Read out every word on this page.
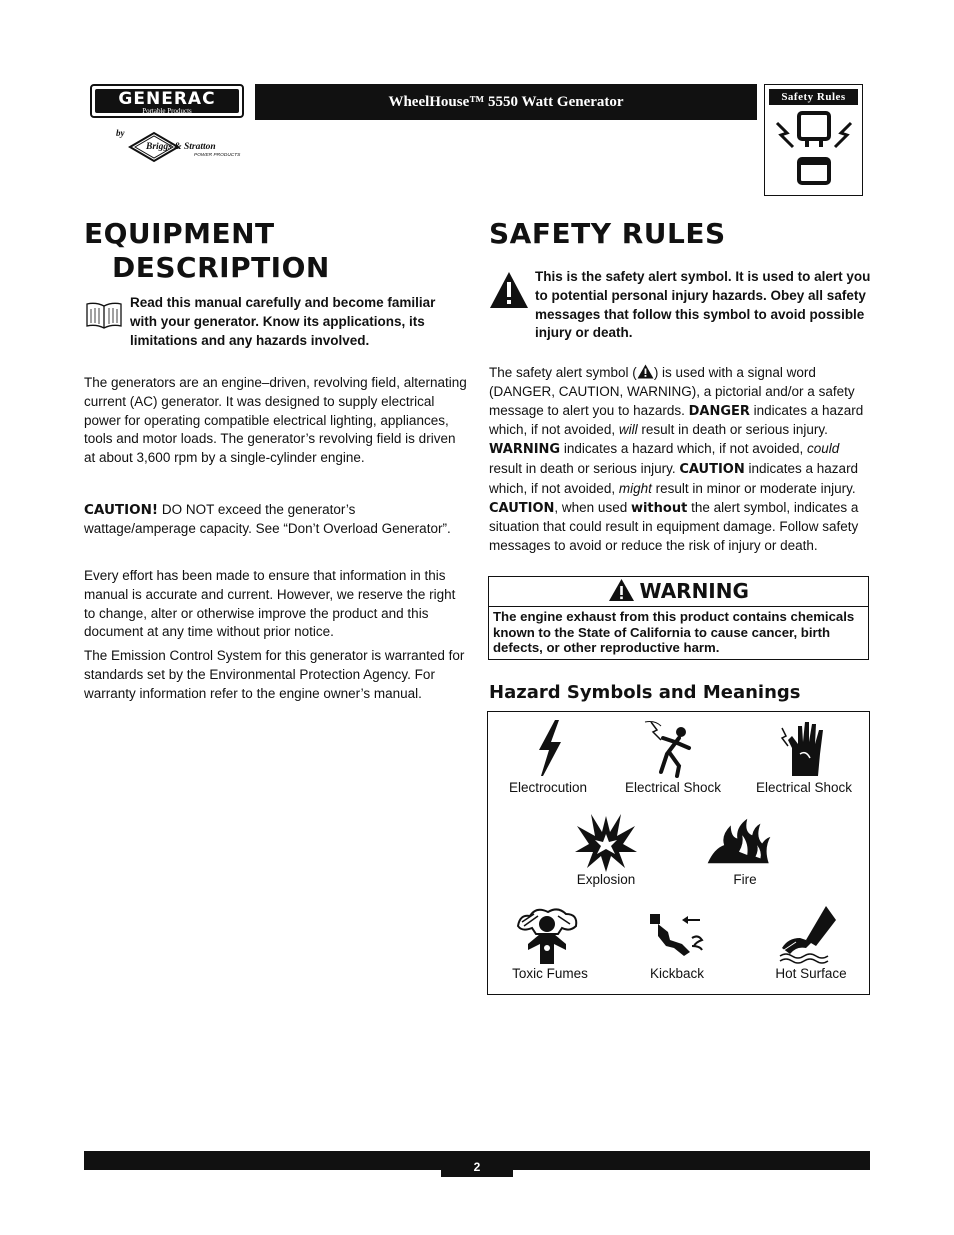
GENERAC
Portable Products
by
Briggs & Stratton
POWER PRODUCTS
WheelHouse™ 5550 Watt Generator	Safety Rules
EQUIPMENT
DESCRIPTION
Read this manual carefully and become familiar with your generator. Know its applications, its limitations and any hazards involved.
The generators are an engine–driven, revolving field, alternating current (AC) generator. It was designed to supply electrical power for operating compatible electrical lighting, appliances, tools and motor loads. The generator’s revolving field is driven at about 3,600 rpm by a single-cylinder engine.
CAUTION! DO NOT exceed the generator’s wattage/amperage capacity. See “Don’t Overload Generator”.
Every effort has been made to ensure that information in this manual is accurate and current. However, we reserve the right to change, alter or otherwise improve the product and this document at any time without prior notice.
The Emission Control System for this generator is warranted for standards set by the Environmental Protection Agency. For warranty information refer to the engine owner’s manual.
SAFETY RULES
This is the safety alert symbol. It is used to alert you to potential personal injury hazards. Obey all safety messages that follow this symbol to avoid possible injury or death.
The safety alert symbol ( ) is used with a signal word (DANGER, CAUTION, WARNING), a pictorial and/or a safety message to alert you to hazards. DANGER indicates a hazard which, if not avoided, will result in death or serious injury. WARNING indicates a hazard which, if not avoided, could result in death or serious injury. CAUTION indicates a hazard which, if not avoided, might result in minor or moderate injury. CAUTION, when used without the alert symbol, indicates a situation that could result in equipment damage. Follow safety messages to avoid or reduce the risk of injury or death.
WARNING
The engine exhaust from this product contains chemicals known to the State of California to cause cancer, birth defects, or other reproductive harm.
Hazard Symbols and Meanings
Electrocution	Electrical Shock	Electrical Shock
Explosion	Fire
Toxic Fumes	Kickback	Hot Surface
2
